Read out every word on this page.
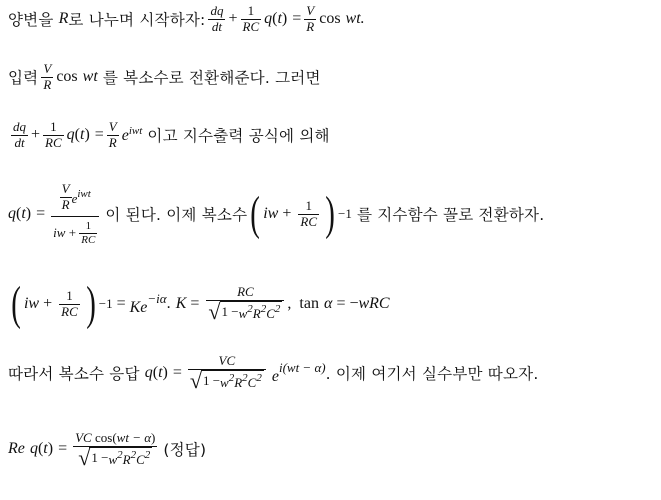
양변을
R 로 나누며 시작하자: $\frac{dq}{dt} + \frac{1}{RC}$ q ( t ) = $\frac{V}{R}$ cos wt.
입력 $\frac{V}{R}$ cos wt
를 복소수로 전환해준다. 그러면
$\frac{dq}{dt} + \frac{1}{RC}$ q ( t ) = $\frac{V}{R} e^{iwt}$
이고 지수출력 공식에 의해
q ( t ) = $\frac{\frac{V}{R} e^{iwt}}{iw + \frac{1}{RC}}$ 이 된다. 이제 복소수 ( iw + $\frac{1}{RC}$ ) −1
를 지수함수 꼴로 전환하자.
( iw + $\frac{1}{RC}$ ) $-1 = Ke^{-i\alpha}$ .
$K = \frac{RC}{√ 1 - w^2R^2C^2}$ ,  tan
α = − wRC
따라서 복소수 응답
q ( t ) = $\frac{VC}{√ 1 - w^2R^2C^2} e^{i(wt - \alpha)}$ . 이제 여기서 실수부만 따오자.
Re
q ( t ) = $\frac{\text{VC cos(wt − α)}}{√ 1 - w^2R^2C^2}$ (정답)
